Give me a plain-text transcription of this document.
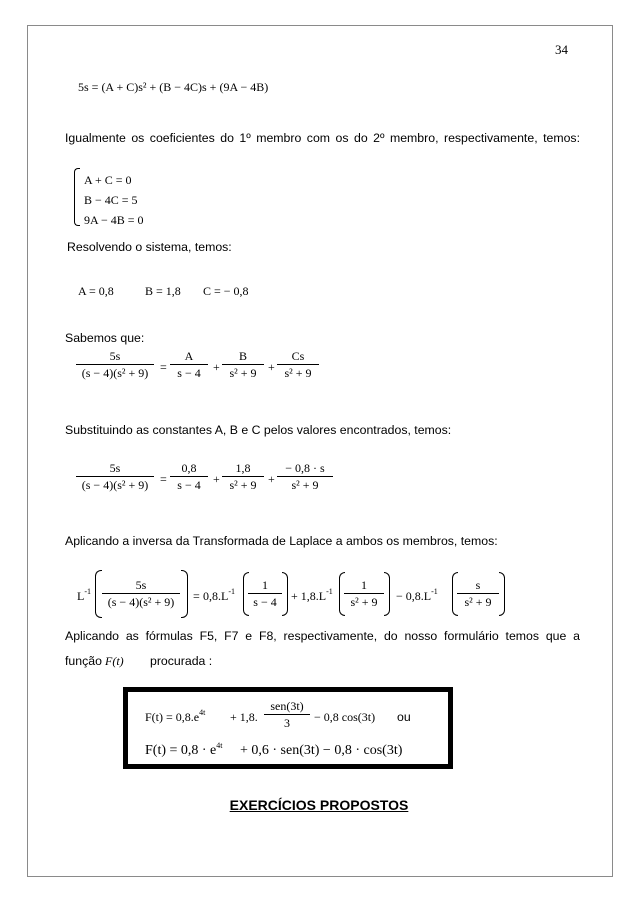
34
5s = (A + C)s² + (B − 4C)s + (9A − 4B)
Igualmente os coeficientes do 1º membro com os do 2º membro, respectivamente, temos:
A + C = 0
B − 4C = 5
9A − 4B = 0
Resolvendo o sistema, temos:
A = 0,8	B = 1,8 C = − 0,8
Sabemos que:
5s
(s − 4)(s² + 9) =
A
s − 4	+
B
s² + 9 +
Cs
s² + 9
Substituindo as constantes A, B e C pelos valores encontrados, temos:
5s
(s − 4)(s² + 9) =
0,8
s − 4	+
1,8
s² + 9 +
− 0,8 · s
s² + 9
Aplicando a inversa da Transformada de Laplace a ambos os membros, temos:
$L^{-1}$	5s
(s − 4)(s² + 9)	= $0,8.L^{-1}$	1
s − 4	+ $1,8.L^{-1}$	1
s² + 9	− $0,8.L^{-1}$	s
s² + 9
Aplicando as fórmulas F5, F7 e F8, respectivamente, do nosso formulário temos que a
função F(t) procurada :
$F(t) = 0,8.e^{4t} + 1,8$.
sen(3t)
3	− 0,8 cos(3t) ou
$F(t) = 0,8 \cdot e^{4t} + 0,6 \cdot sen(3t) - 0,8 \cdot \cos(3t)$
EXERCÍCIOS PROPOSTOS
